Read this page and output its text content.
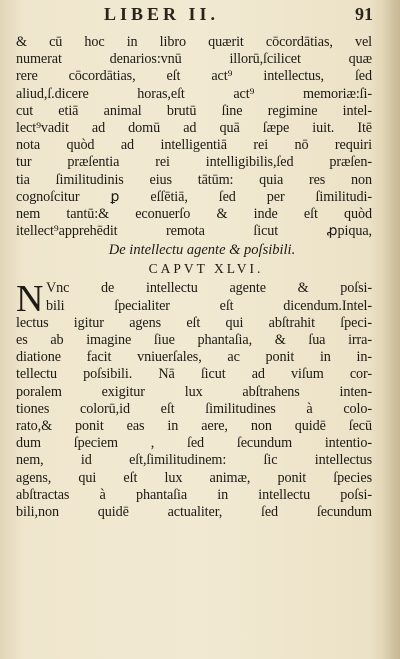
LIBER II.	91
& cū hoc in libro quærit cōcordātias, vel
numerat denarios:vnū illorū,ſcilicet quæ
rere cōcordātias, eſt act⁹ intellectus, ſed
aliud,ſ.dicere horas,eſt act⁹ memoriæ:ſi-
cut etiā animal brutū ſine regimine intel-
lect⁹vadit ad domū ad quā ſæpe iuit. Itē
nota quòd ad intelligentiā rei nō requiri
tur præſentia rei intelligibilis,ſed præſen-
tia ſimilitudinis eius tātūm: quia res non
cognoſcitur ꝑ eſſētiā, ſed per ſimilitudi-
nem tantū:& econuerſo & inde eſt quòd
itellect⁹apprehēdit remota ſicut ꝓpiqua,
De intellectu agente & poſsibili.
CAPVT XLVI.
N Vnc de intellectu agente & poſsi-
bili ſpecialiter eſt dicendum.Intel-
lectus igitur agens eſt qui abſtrahit ſpeci-
es ab imagine ſiue phantaſia, & ſua irra-
diatione facit vniuerſales, ac ponit in in-
tellectu poſsibili. Nā ſicut ad viſum cor-
poralem exigitur lux abſtrahens inten-
tiones colorū,id eſt ſimilitudines à colo-
rato,& ponit eas in aere, non quidē ſecū
dum ſpeciem , ſed ſecundum intentio-
nem, id eſt,ſimilitudinem: ſic intellectus
agens, qui eſt lux animæ, ponit ſpecies
abſtractas à phantaſia in intellectu poſsi-
bili,non quidē actualiter, ſed ſecundum
